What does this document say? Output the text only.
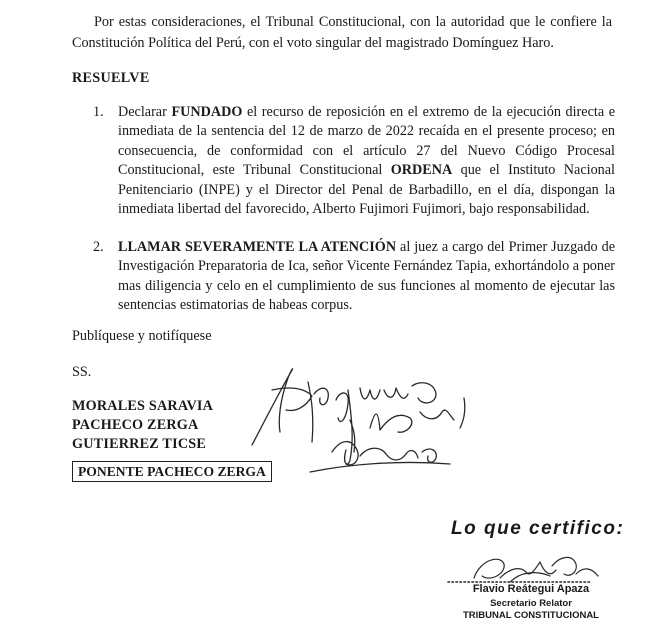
Por estas consideraciones, el Tribunal Constitucional, con la autoridad que le confiere la Constitución Política del Perú, con el voto singular del magistrado Domínguez Haro.

RESUELVE
1.	Declarar FUNDADO el recurso de reposición en el extremo de la ejecución directa e inmediata de la sentencia del 12 de marzo de 2022 recaída en el presente proceso; en consecuencia, de conformidad con el artículo 27 del Nuevo Código Procesal Constitucional, este Tribunal Constitucional ORDENA que el Instituto Nacional Penitenciario (INPE) y el Director del Penal de Barbadillo, en el día, dispongan la inmediata libertad del favorecido, Alberto Fujimori Fujimori, bajo responsabilidad.
2.	LLAMAR SEVERAMENTE LA ATENCIÓN al juez a cargo del Primer Juzgado de Investigación Preparatoria de Ica, señor Vicente Fernández Tapia, exhortándolo a poner mas diligencia y celo en el cumplimiento de sus funciones al momento de ejecutar las sentencias estimatorias de habeas corpus.
Publíquese y notifíquese
SS.
MORALES SARAVIA
PACHECO ZERGA
GUTIERREZ TICSE
PONENTE PACHECO ZERGA
Lo que certifico:
Flavio Reátegui Apaza
Secretario Relator
TRIBUNAL CONSTITUCIONAL
